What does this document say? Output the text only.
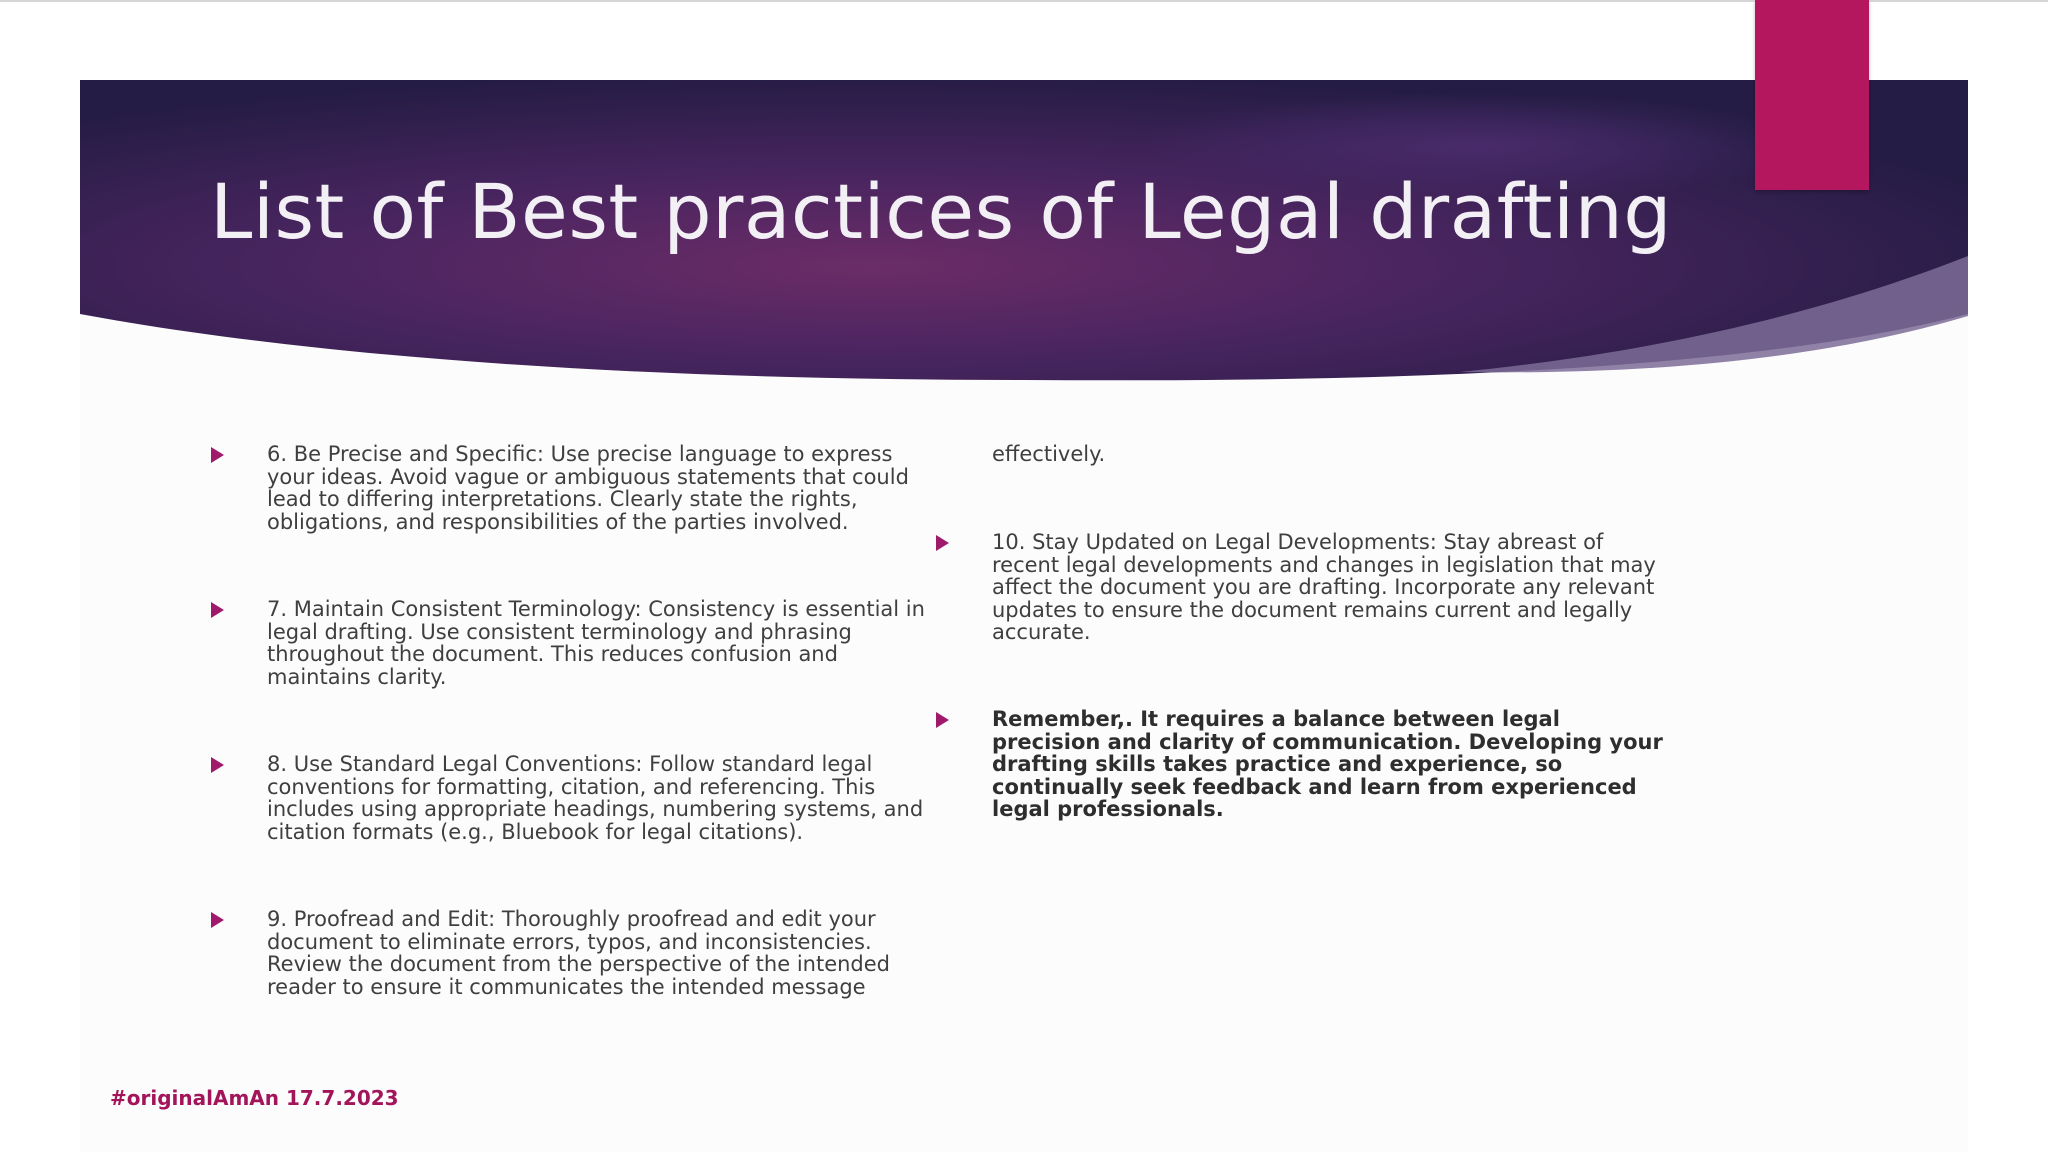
List of Best practices of Legal drafting

6. Be Precise and Specific: Use precise language to express your ideas. Avoid vague or ambiguous statements that could lead to differing interpretations. Clearly state the rights, obligations, and responsibilities of the parties involved.

7. Maintain Consistent Terminology: Consistency is essential in legal drafting. Use consistent terminology and phrasing throughout the document. This reduces confusion and maintains clarity.

8. Use Standard Legal Conventions: Follow standard legal conventions for formatting, citation, and referencing. This includes using appropriate headings, numbering systems, and citation formats (e.g., Bluebook for legal citations).

9. Proofread and Edit: Thoroughly proofread and edit your document to eliminate errors, typos, and inconsistencies. Review the document from the perspective of the intended reader to ensure it communicates the intended message

effectively.

10. Stay Updated on Legal Developments: Stay abreast of recent legal developments and changes in legislation that may affect the document you are drafting. Incorporate any relevant updates to ensure the document remains current and legally accurate.

Remember,. It requires a balance between legal precision and clarity of communication. Developing your drafting skills takes practice and experience, so continually seek feedback and learn from experienced legal professionals.

#originalAmAn 17.7.2023
